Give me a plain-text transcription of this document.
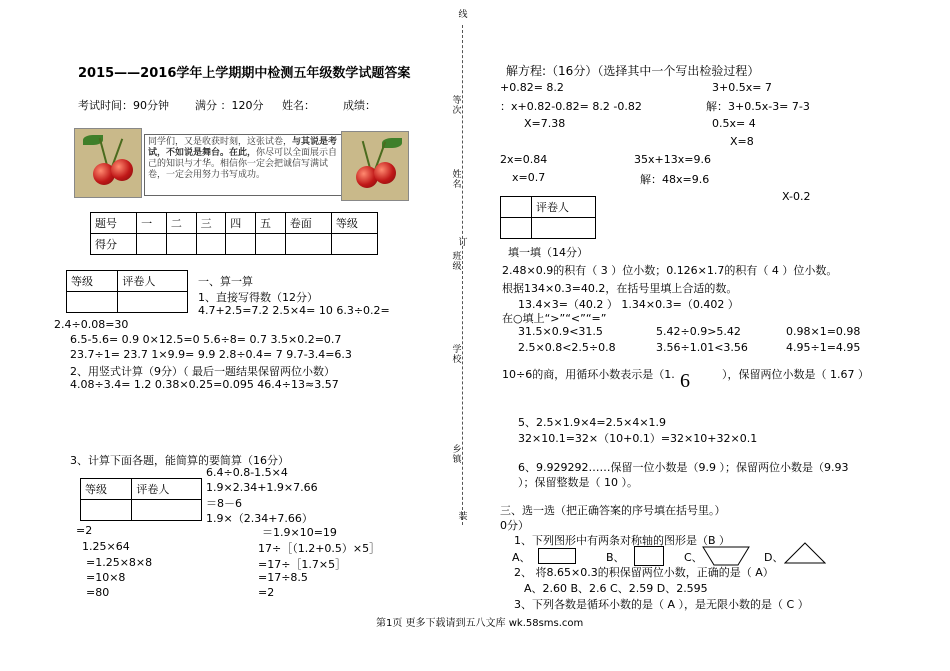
2015——2016学年上学期期中检测五年级数学试题答案
考试时间：90分钟 满分 ：120分 姓名：	成绩：
同学们，又是收获时刻，这张试卷，与其说是考试，不如说是舞台。在此，你尽可以全面展示自己的知识与才华。相信你一定会把诚信写满试卷，一定会用努力书写成功。
题号	一	二	三	四	五	卷面	等级
得分							
等级	评卷人
		一、算一算
1、直接写得数（12分）
4.7+2.5=7.2 2.5×4= 10 6.3÷0.2=
2.4÷0.08=30
6.5-5.6= 0.9 0×12.5=0 5.6÷8= 0.7 3.5×0.2=0.7
23.7÷1= 23.7 1×9.9= 9.9 2.8÷0.4= 7 9.7-3.4=6.3
2、用竖式计算（9分）（ 最后一题结果保留两位小数）
4.08÷3.4= 1.2 0.38×0.25=0.095 46.4÷13≈3.57
3、计算下面各题，能简算的要简算（16分）
6.4÷0.8-1.5×4
1.9×2.34+1.9×7.66
＝8－6
1.9×（2.34+7.66）
等级	评卷人

=2	＝1.9×10=19
1.25×64	17÷［（1.2+0.5）×5］
=1.25×8×8	=17÷［1.7×5］
=10×8	=17÷8.5
=80	=2
线
等次
姓名
订
班级
学校
乡镇
装
解方程:（16分）（选择其中一个写出检验过程）
+0.82= 8.2	3+0.5x= 7
：x+0.82-0.82= 8.2 -0.82	解：3+0.5x-3= 7-3
X=7.38	0.5x= 4
X=8
2x=0.84	35x+13x=9.6
x=0.7	解：48x=9.6
X-0.2
	评卷人

填一填（14分）
2.48×0.9的积有（ 3 ）位小数；0.126×1.7的积有（ 4 ）位小数。
根据134×0.3=40.2，在括号里填上合适的数。
13.4×3=（40.2 ） 1.34×0.3=（0.402 ）
在○填上“>”“<”“=”
31.5×0.9<31.5	5.42÷0.9>5.42	0.98×1=0.98
2.5×0.8<2.5÷0.8	3.56÷1.01<3.56	4.95÷1=4.95
10÷6的商，用循环小数表示是（1. 6	），保留两位小数是（ 1.67 ）
5、2.5×1.9×4=2.5×4×1.9
32×10.1=32×（10+0.1）=32×10+32×0.1
6、9.929292……保留一位小数是（9.9 ）；保留两位小数是（9.93
）；保留整数是（ 10 ）。
三、选一选（把正确答案的序号填在括号里。）
0分）
1、下列图形中有两条对称轴的图形是（B ）
A、	B、	C、	D、
2、 将8.65×0.3的积保留两位小数，正确的是（ A）
A、2.60 B、2.6 C、2.59 D、2.595
3、下列各数是循环小数的是（ A ），是无限小数的是（ C ）
第1页 更多下载请到五八文库 wk.58sms.com
